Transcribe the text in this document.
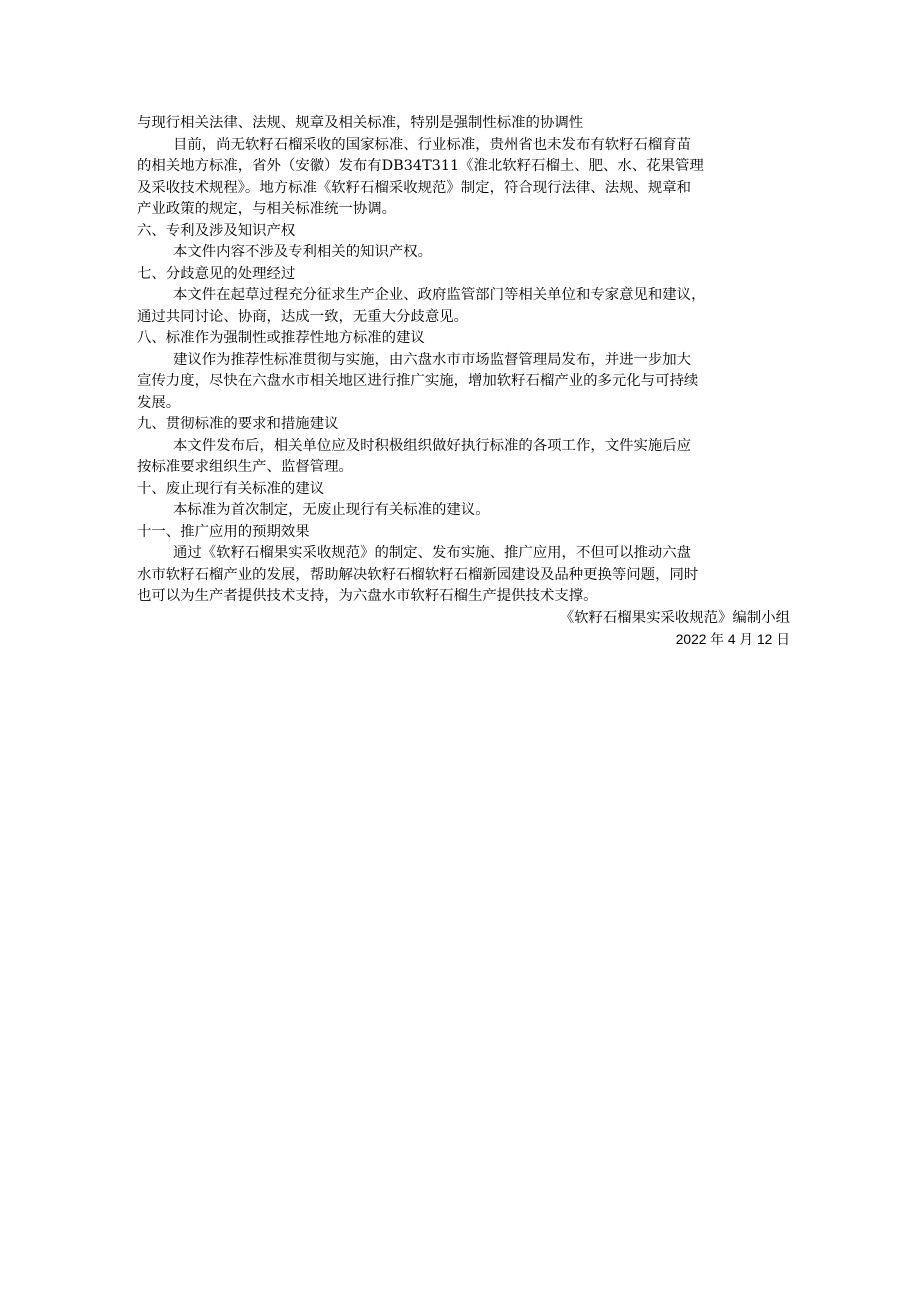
与现行相关法律、法规、规章及相关标准，特别是强制性标准的协调性

目前，尚无软籽石榴采收的国家标准、行业标准，贵州省也未发布有软籽石榴育苗

的相关地方标准，省外（安徽）发布有DB34T311《淮北软籽石榴土、肥、水、花果管理

及采收技术规程》。地方标准《软籽石榴采收规范》制定，符合现行法律、法规、规章和

产业政策的规定，与相关标准统一协调。

六、专利及涉及知识产权

本文件内容不涉及专利相关的知识产权。

七、分歧意见的处理经过

本文件在起草过程充分征求生产企业、政府监管部门等相关单位和专家意见和建议，

通过共同讨论、协商，达成一致，无重大分歧意见。

八、标准作为强制性或推荐性地方标准的建议

建议作为推荐性标准贯彻与实施，由六盘水市市场监督管理局发布，并进一步加大

宣传力度，尽快在六盘水市相关地区进行推广实施，增加软籽石榴产业的多元化与可持续

发展。

九、贯彻标准的要求和措施建议

本文件发布后，相关单位应及时积极组织做好执行标准的各项工作，文件实施后应

按标准要求组织生产、监督管理。

十、废止现行有关标准的建议

本标准为首次制定，无废止现行有关标准的建议。

十一、推广应用的预期效果

通过《软籽石榴果实采收规范》的制定、发布实施、推广应用，不但可以推动六盘

水市软籽石榴产业的发展，帮助解决软籽石榴软籽石榴新园建设及品种更换等问题，同时

也可以为生产者提供技术支持，为六盘水市软籽石榴生产提供技术支撑。

《软籽石榴果实采收规范》编制小组

2022 年 4 月 12 日
